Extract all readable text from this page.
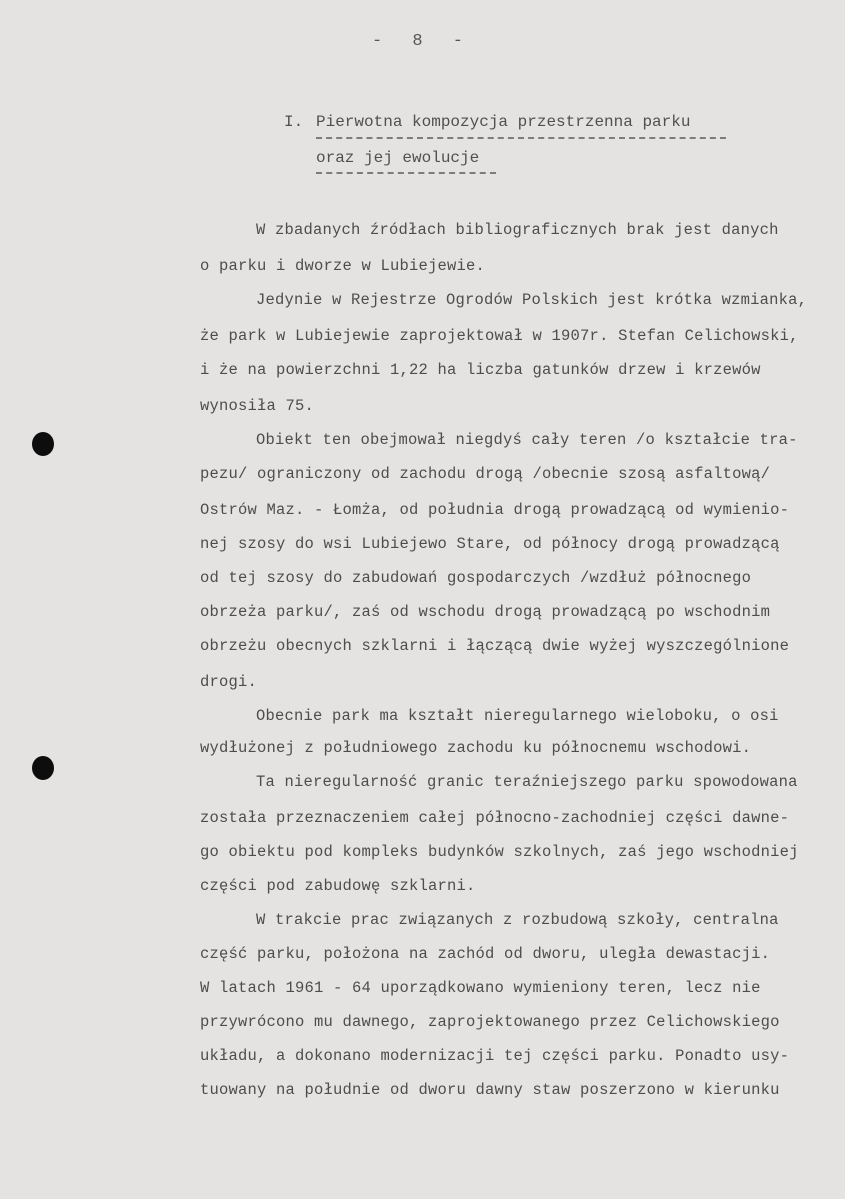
- 8 -
I. Pierwotna kompozycja przestrzenna parku
oraz jej ewolucje
W zbadanych źródłach bibliograficznych brak jest danych
o parku i dworze w Lubiejewie.
Jedynie w Rejestrze Ogrodów Polskich jest krótka wzmianka,
że park w Lubiejewie zaprojektował w 1907r. Stefan Celichowski,
i że na powierzchni 1,22 ha liczba gatunków drzew i krzewów
wynosiła 75.
Obiekt ten obejmował niegdyś cały teren /o kształcie tra-
pezu/ ograniczony od zachodu drogą /obecnie szosą asfaltową/
Ostrów Maz. - Łomża, od południa drogą prowadzącą od wymienio-
nej szosy do wsi Lubiejewo Stare, od północy drogą prowadzącą
od tej szosy do zabudowań gospodarczych /wzdłuż północnego
obrzeża parku/, zaś od wschodu drogą prowadzącą po wschodnim
obrzeżu obecnych szklarni i łączącą dwie wyżej wyszczególnione
drogi.
Obecnie park ma kształt nieregularnego wieloboku, o osi
wydłużonej z południowego zachodu ku północnemu wschodowi.
Ta nieregularność granic teraźniejszego parku spowodowana
została przeznaczeniem całej północno-zachodniej części dawne-
go obiektu pod kompleks budynków szkolnych, zaś jego wschodniej
części pod zabudowę szklarni.
W trakcie prac związanych z rozbudową szkoły, centralna
część parku, położona na zachód od dworu, uległa dewastacji.
W latach 1961 - 64 uporządkowano wymieniony teren, lecz nie
przywrócono mu dawnego, zaprojektowanego przez Celichowskiego
układu, a dokonano modernizacji tej części parku. Ponadto usy-
tuowany na południe od dworu dawny staw poszerzono w kierunku
